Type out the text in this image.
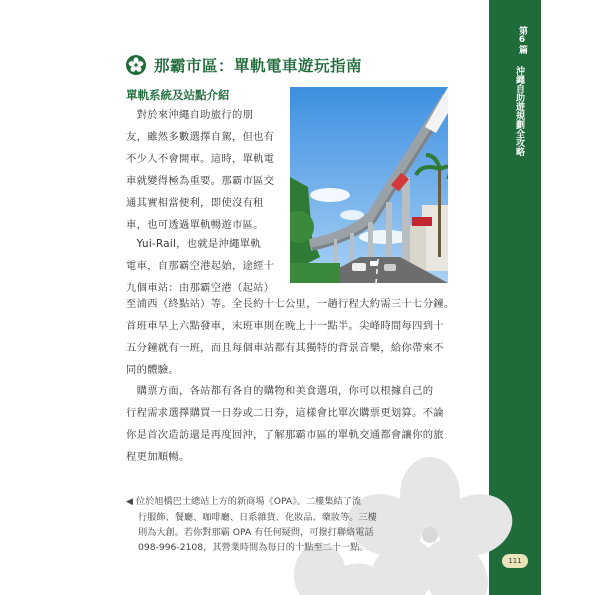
第6篇
沖繩自助遊規劃全攻略
111
那霸市區：單軌電車遊玩指南
單軌系統及站點介紹
　對於來沖繩自助旅行的朋
友，雖然多數選擇自駕，但也有
不少人不會開車。這時，單軌電
車就變得極為重要。那霸市區交
通其實相當便利，即使沒有租
車，也可透過單軌暢遊市區。
　Yui-Rail，也就是沖繩單軌
電車，自那霸空港起始，途經十
九個車站：由那霸空港（起站）
至浦西（終點站）等。全長約十七公里，一趟行程大約需三十七分鐘。
首班車早上六點發車，末班車則在晚上十一點半。尖峰時間每四到十
五分鐘就有一班，而且每個車站都有其獨特的背景音樂，給你帶來不
同的體驗。
　購票方面，各站都有各自的購物和美食選項，你可以根據自己的
行程需求選擇購買一日券或二日券，這樣會比單次購票更划算。不論
你是首次造訪還是再度回沖，了解那霸市區的單軌交通都會讓你的旅
程更加順暢。
◀ 位於旭橋巴士總站上方的新商場《OPA》。二樓集結了流
行服飾、餐廳、咖啡廳、日系雜貨、化妝品、藥妝等。三樓
則為大創。若你對那霸 OPA 有任何疑問，可撥打聯絡電話
098-996-2108，其營業時間為每日的十點至二十一點。
